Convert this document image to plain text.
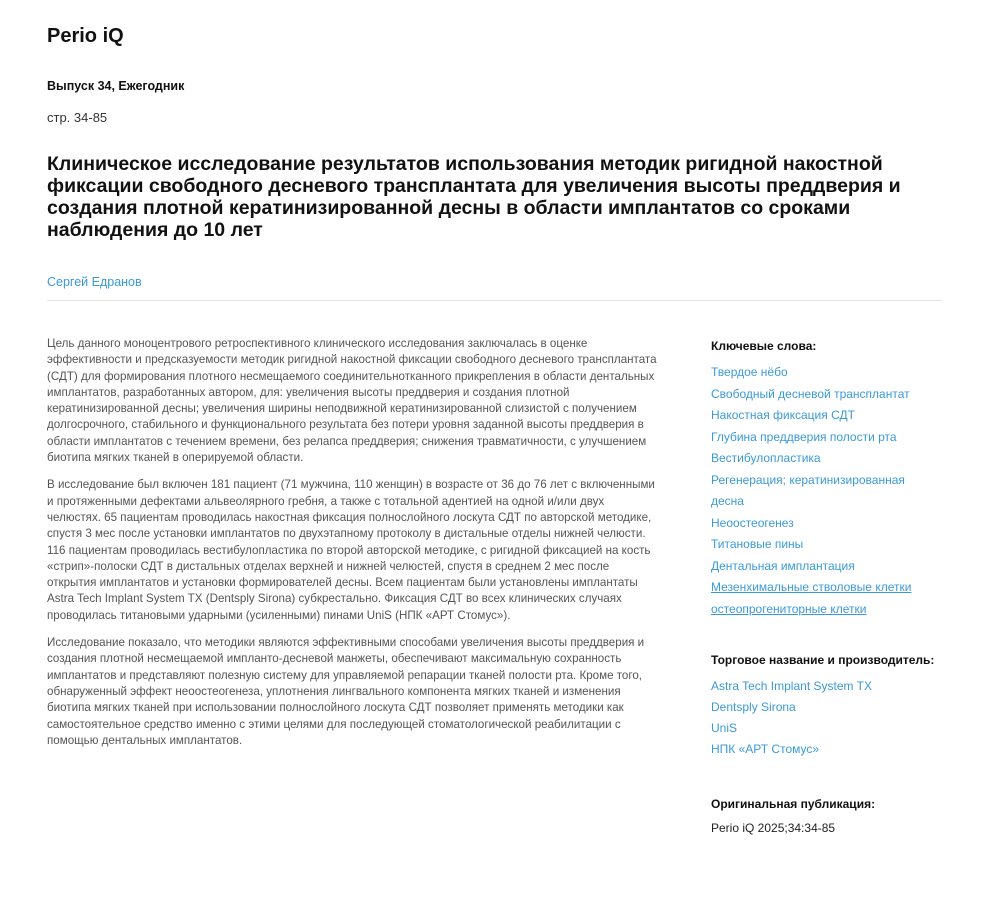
Perio iQ
Выпуск 34, Ежегодник
стр. 34-85
Клиническое исследование результатов использования методик ригидной накостной фиксации свободного десневого трансплантата для увеличения высоты преддверия и создания плотной кератинизированной десны в области имплантатов со сроками наблюдения до 10 лет
Сергей Едранов

Цель данного моноцентрового ретроспективного клинического исследования заключалась в оценке эффективности и предсказуемости методик ригидной накостной фиксации свободного десневого трансплантата (СДТ) для формирования плотного несмещаемого соединительнотканного прикрепления в области дентальных имплантатов, разработанных автором, для: увеличения высоты преддверия и создания плотной кератинизированной десны; увеличения ширины неподвижной кератинизированной слизистой с получением долгосрочного, стабильного и функционального результата без потери уровня заданной высоты преддверия в области имплантатов с течением времени, без релапса преддверия; снижения травматичности, с улучшением биотипа мягких тканей в оперируемой области.

В исследование был включен 181 пациент (71 мужчина, 110 женщин) в возрасте от 36 до 76 лет с включенными и протяженными дефектами альвеолярного гребня, а также с тотальной адентией на одной и/или двух челюстях. 65 пациентам проводилась накостная фиксация полнослойного лоскута СДТ по авторской методике, спустя 3 мес после установки имплантатов по двухэтапному протоколу в дистальные отделы нижней челюсти. 116 пациентам проводилась вестибулопластика по второй авторской методике, с ригидной фиксацией на кость «стрип»-полоски СДТ в дистальных отделах верхней и нижней челюстей, спустя в среднем 2 мес после открытия имплантатов и установки формирователей десны. Всем пациентам были установлены имплантаты Astra Tech Implant System TX (Dentsply Sirona) субкрестально. Фиксация СДТ во всех клинических случаях проводилась титановыми ударными (усиленными) пинами UniS (НПК «АРТ Стомус»).

Исследование показало, что методики являются эффективными способами увеличения высоты преддверия и создания плотной несмещаемой импланто-десневой манжеты, обеспечивают максимальную сохранность имплантатов и представляют полезную систему для управляемой репарации тканей полости рта. Кроме того, обнаруженный эффект неоостеогенеза, уплотнения лингвального компонента мягких тканей и изменения биотипа мягких тканей при использовании полнослойного лоскута СДТ позволяет применять методики как самостоятельное средство именно с этими целями для последующей стоматологической реабилитации с помощью дентальных имплантатов.

Ключевые слова:
Твердое нёбо
Свободный десневой трансплантат
Накостная фиксация СДТ
Глубина преддверия полости рта
Вестибулопластика
Регенерация; кератинизированная
десна
Неоостеогенез
Титановые пины
Дентальная имплантация
Мезенхимальные стволовые клетки
остеопрогениторные клетки
Торговое название и производитель:
Astra Tech Implant System TX
Dentsply Sirona
UniS
НПК «АРТ Стомус»
Оригинальная публикация:
Perio iQ 2025;34:34-85
